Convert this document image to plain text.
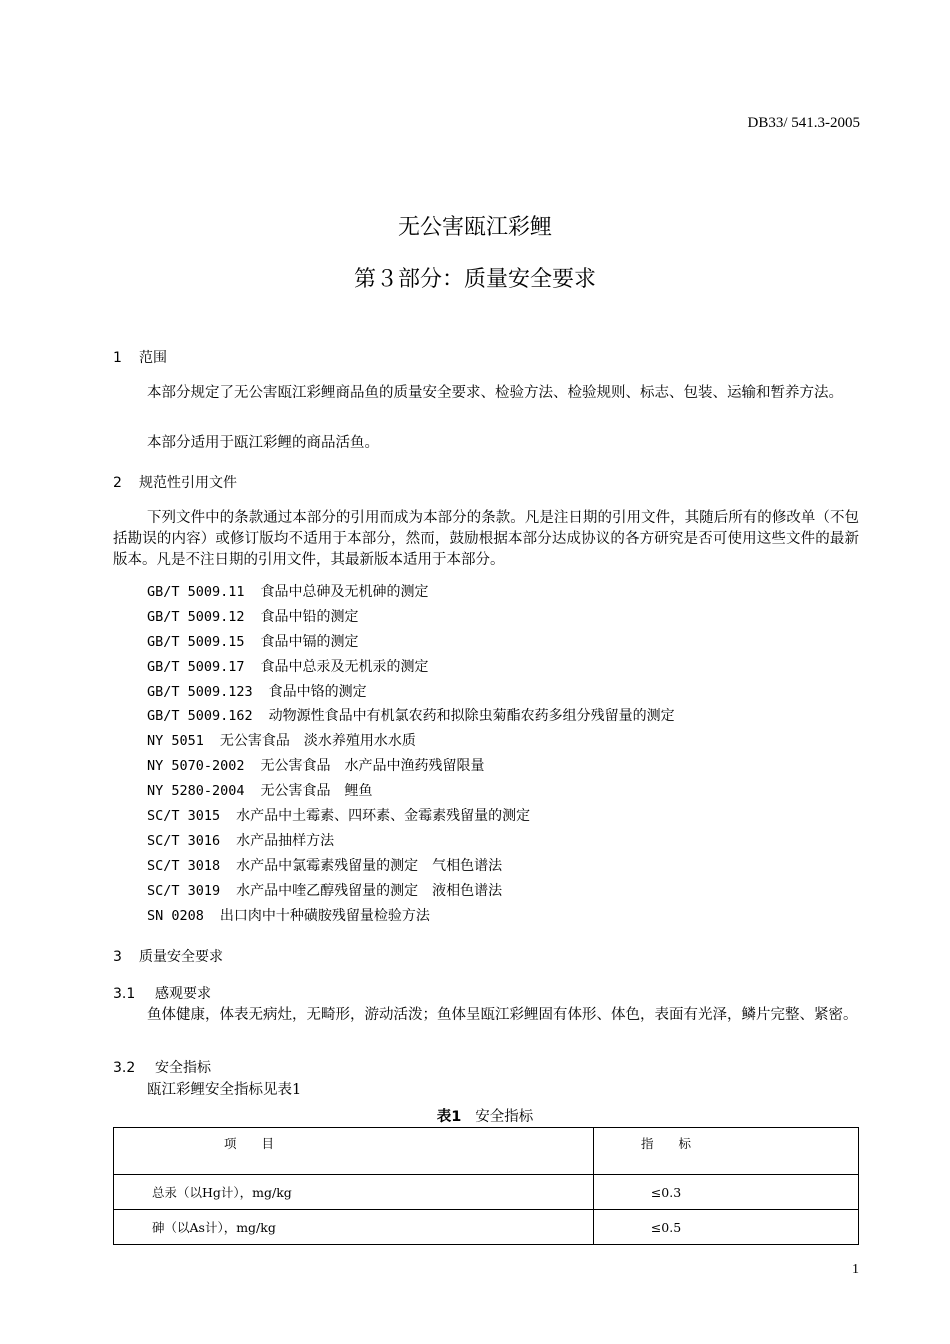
DB33/ 541.3-2005
无公害瓯江彩鲤
第３部分：质量安全要求
1 范围
本部分规定了无公害瓯江彩鲤商品鱼的质量安全要求、检验方法、检验规则、标志、包装、运输和暂养方法。
本部分适用于瓯江彩鲤的商品活鱼。
2 规范性引用文件
下列文件中的条款通过本部分的引用而成为本部分的条款。凡是注日期的引用文件，其随后所有的修改单（不包括勘误的内容）或修订版均不适用于本部分，然而，鼓励根据本部分达成协议的各方研究是否可使用这些文件的最新版本。凡是不注日期的引用文件，其最新版本适用于本部分。
GB/T 5009.11 食品中总砷及无机砷的测定
GB/T 5009.12 食品中铅的测定
GB/T 5009.15 食品中镉的测定
GB/T 5009.17 食品中总汞及无机汞的测定
GB/T 5009.123 食品中铬的测定
GB/T 5009.162 动物源性食品中有机氯农药和拟除虫菊酯农药多组分残留量的测定
NY 5051 无公害食品　淡水养殖用水水质
NY 5070-2002 无公害食品　水产品中渔药残留限量
NY 5280-2004 无公害食品　鲤鱼
SC/T 3015 水产品中土霉素、四环素、金霉素残留量的测定
SC/T 3016 水产品抽样方法
SC/T 3018 水产品中氯霉素残留量的测定　气相色谱法
SC/T 3019 水产品中喹乙醇残留量的测定　液相色谱法
SN 0208 出口肉中十种磺胺残留量检验方法
3 质量安全要求
3.1 感观要求
鱼体健康，体表无病灶，无畸形，游动活泼；鱼体呈瓯江彩鲤固有体形、体色，表面有光泽，鳞片完整、紧密。
3.2 安全指标
瓯江彩鲤安全指标见表1
表1 安全指标
项　　目	指　　标
总汞（以Hg计），mg/kg	≤0.3
砷（以As计），mg/kg	≤0.5
1
